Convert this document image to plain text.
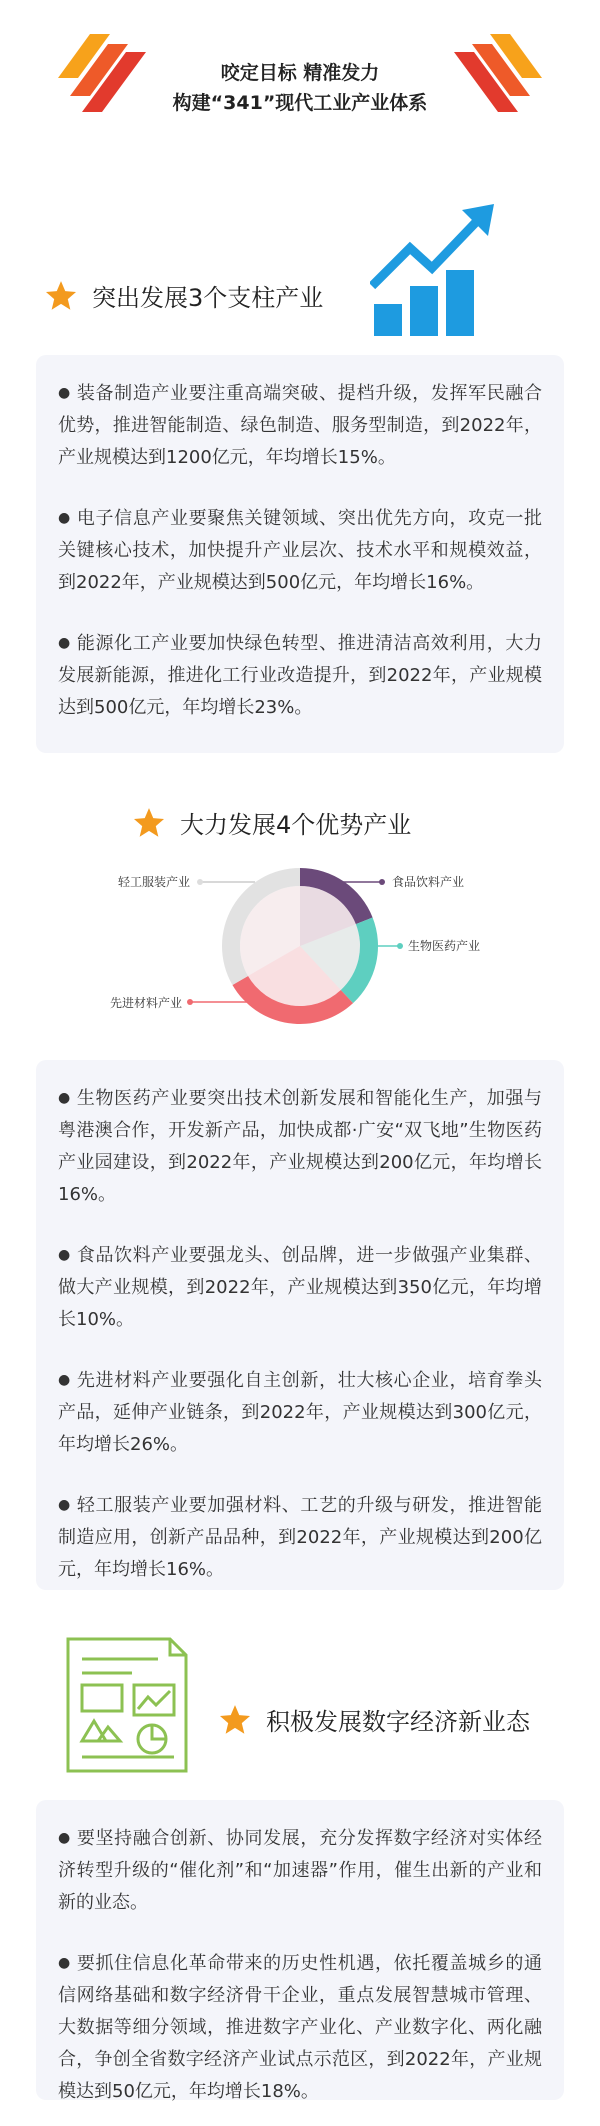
咬定目标 精准发力
构建“341”现代工业产业体系
突出发展3个支柱产业

● 装备制造产业要注重高端突破、提档升级，发挥军民融合优势，推进智能制造、绿色制造、服务型制造，到2022年，产业规模达到1200亿元，年均增长15%。

● 电子信息产业要聚焦关键领域、突出优先方向，攻克一批关键核心技术，加快提升产业层次、技术水平和规模效益，到2022年，产业规模达到500亿元，年均增长16%。

● 能源化工产业要加快绿色转型、推进清洁高效利用，大力发展新能源，推进化工行业改造提升，到2022年，产业规模达到500亿元，年均增长23%。

大力发展4个优势产业
轻工服装产业	食品饮料产业
生物医药产业
先进材料产业

● 生物医药产业要突出技术创新发展和智能化生产，加强与粤港澳合作，开发新产品，加快成都·广安“双飞地”生物医药产业园建设，到2022年，产业规模达到200亿元，年均增长16%。

● 食品饮料产业要强龙头、创品牌，进一步做强产业集群、做大产业规模，到2022年，产业规模达到350亿元，年均增长10%。

● 先进材料产业要强化自主创新，壮大核心企业，培育拳头产品，延伸产业链条，到2022年，产业规模达到300亿元，年均增长26%。

● 轻工服装产业要加强材料、工艺的升级与研发，推进智能制造应用，创新产品品种，到2022年，产业规模达到200亿元，年均增长16%。

积极发展数字经济新业态

● 要坚持融合创新、协同发展，充分发挥数字经济对实体经济转型升级的“催化剂”和“加速器”作用，催生出新的产业和新的业态。

● 要抓住信息化革命带来的历史性机遇，依托覆盖城乡的通信网络基础和数字经济骨干企业，重点发展智慧城市管理、大数据等细分领域，推进数字产业化、产业数字化、两化融合，争创全省数字经济产业试点示范区，到2022年，产业规模达到50亿元，年均增长18%。
